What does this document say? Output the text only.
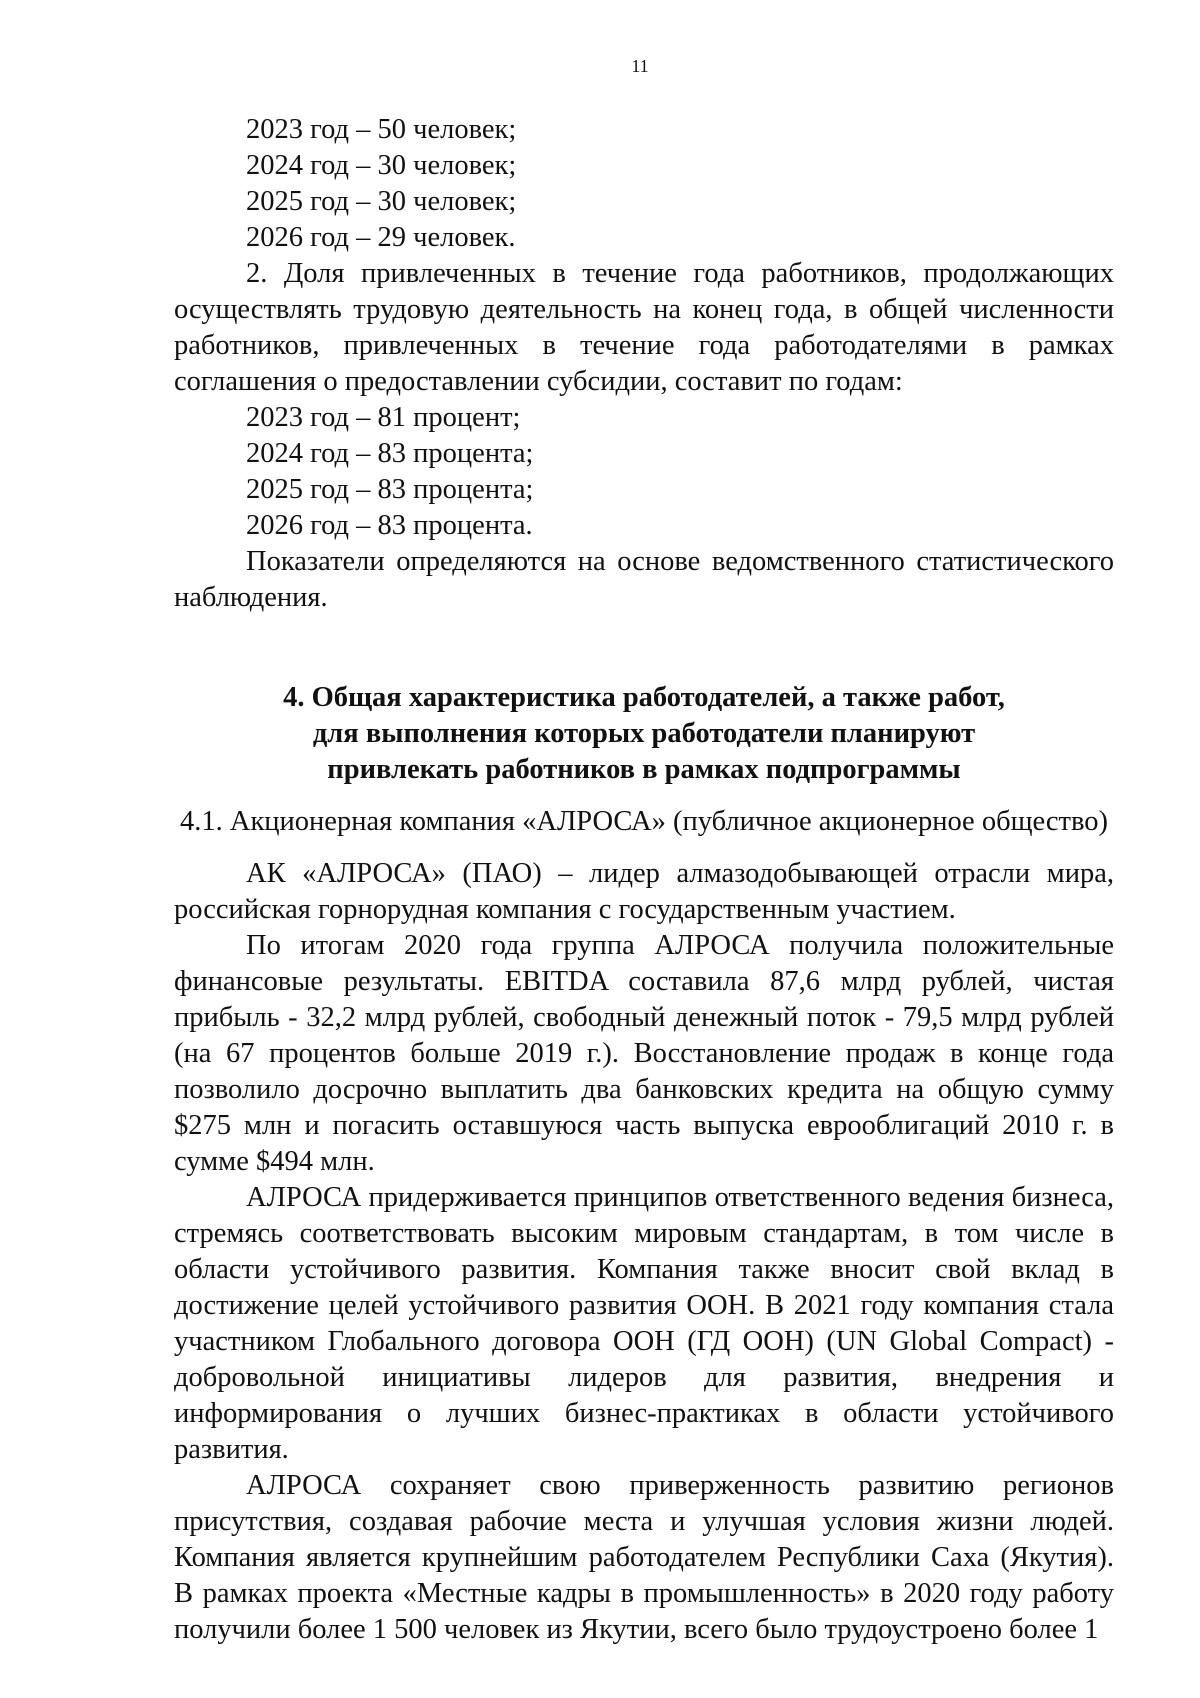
11

2023 год – 50 человек;

2024 год – 30 человек;

2025 год – 30 человек;

2026 год – 29 человек.

2. Доля привлеченных в течение года работников, продолжающих осуществлять трудовую деятельность на конец года, в общей численности работников, привлеченных в течение года работодателями в рамках соглашения о предоставлении субсидии, составит по годам:

2023 год – 81 процент;

2024 год – 83 процента;

2025 год – 83 процента;

2026 год – 83 процента.

Показатели определяются на основе ведомственного статистического наблюдения.

4. Общая характеристика работодателей, а также работ,
для выполнения которых работодатели планируют
привлекать работников в рамках подпрограммы

4.1. Акционерная компания «АЛРОСА» (публичное акционерное общество)

АК «АЛРОСА» (ПАО) – лидер алмазодобывающей отрасли мира, российская горнорудная компания с государственным участием.

По итогам 2020 года группа АЛРОСА получила положительные финансовые результаты. EBITDA составила 87,6 млрд рублей, чистая прибыль - 32,2 млрд рублей, свободный денежный поток - 79,5 млрд рублей (на 67 процентов больше 2019 г.). Восстановление продаж в конце года позволило досрочно выплатить два банковских кредита на общую сумму $275 млн и погасить оставшуюся часть выпуска еврооблигаций 2010 г. в сумме $494 млн.

АЛРОСА придерживается принципов ответственного ведения бизнеса, стремясь соответствовать высоким мировым стандартам, в том числе в области устойчивого развития. Компания также вносит свой вклад в достижение целей устойчивого развития ООН. В 2021 году компания стала участником Глобального договора ООН (ГД ООН) (UN Global Compact) - добровольной инициативы лидеров для развития, внедрения и информирования о лучших бизнес-практиках в области устойчивого развития.

АЛРОСА сохраняет свою приверженность развитию регионов присутствия, создавая рабочие места и улучшая условия жизни людей. Компания является крупнейшим работодателем Республики Саха (Якутия). В рамках проекта «Местные кадры в промышленность» в 2020 году работу получили более 1 500 человек из Якутии, всего было трудоустроено более 1
